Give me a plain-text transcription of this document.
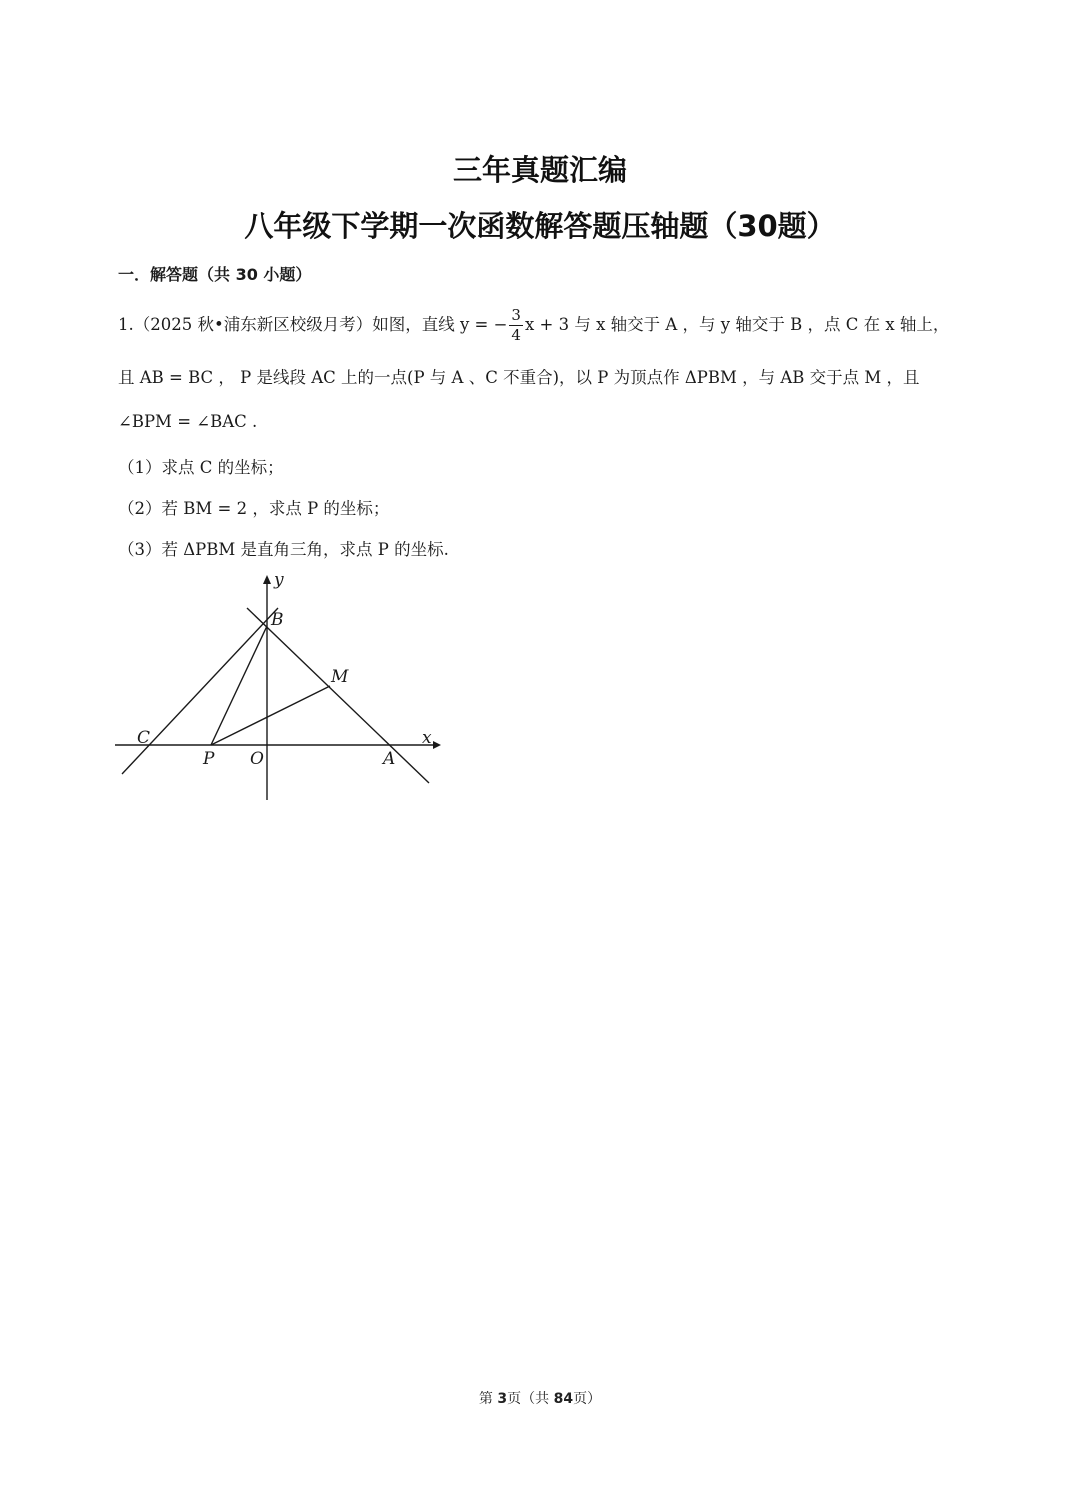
三年真题汇编
八年级下学期一次函数解答题压轴题（30题）
一．解答题（共 30 小题）
1.（2025 秋•浦东新区校级月考）如图，直线 y = − $\frac{3}{4}$ x + 3 与 x 轴交于 A ，与 y 轴交于 B ，点 C 在 x 轴上，
且 AB = BC ， P 是线段 AC 上的一点(P 与 A 、C 不重合)，以 P 为顶点作 ΔPBM ，与 AB 交于点 M ，且
∠BPM = ∠BAC .
（1）求点 C 的坐标；
（2）若 BM = 2 ，求点 P 的坐标；
（3）若 ΔPBM 是直角三角，求点 P 的坐标.
y
B
M
C	x
P O	A
第 3页（共 84页）
